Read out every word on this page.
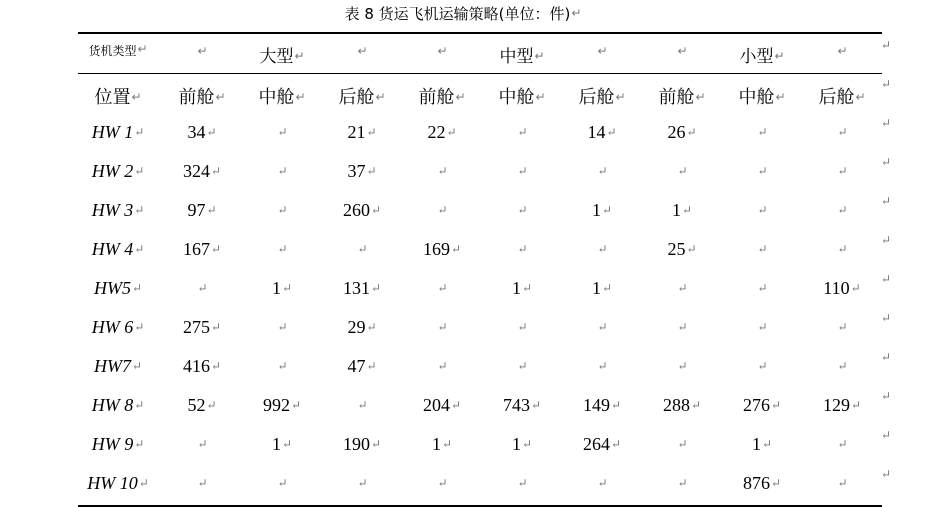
表 8 货运飞机运输策略(单位：件)↵
货机类型↵	↵	大型↵	↵	↵	中型↵	↵	↵	小型↵	↵	↵
位置↵	前舱↵	中舱↵	后舱↵	前舱↵	中舱↵	后舱↵	前舱↵	中舱↵	后舱↵
↵
HW 1↵	34↵	↵	21↵	22↵	↵	14↵	26↵	↵	↵
↵
HW 2↵	324↵	↵	37↵	↵	↵	↵	↵	↵	↵
↵
HW 3↵	97↵	↵	260↵	↵	↵	1↵	1↵	↵	↵
↵
HW 4↵	167↵	↵	↵	169↵	↵	↵	25↵	↵	↵
↵
HW5↵	↵	1↵	131↵	↵	1↵	1↵	↵	↵	110↵
↵
HW 6↵	275↵	↵	29↵	↵	↵	↵	↵	↵	↵
↵
HW7↵	416↵	↵	47↵	↵	↵	↵	↵	↵	↵
↵
HW 8↵	52↵	992↵	↵	204↵	743↵	149↵	288↵	276↵	129↵
↵
HW 9↵	↵	1↵	190↵	1↵	1↵	264↵	↵	1↵	↵
↵
HW 10↵	↵	↵	↵	↵	↵	↵	↵	876↵	↵
↵
